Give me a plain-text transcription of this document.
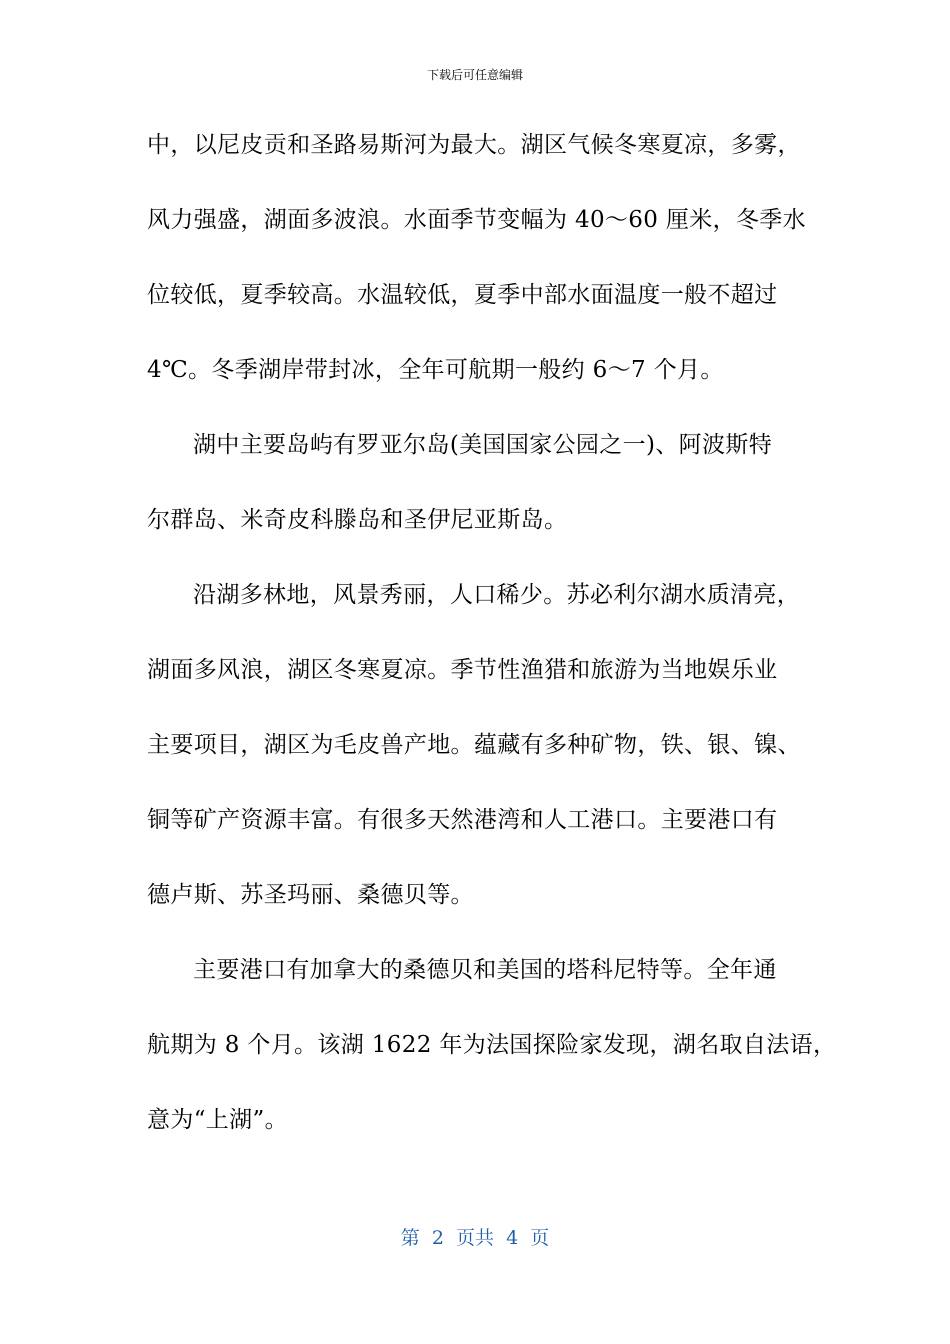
下载后可任意编辑
中，以尼皮贡和圣路易斯河为最大。湖区气候冬寒夏凉，多雾，
风力强盛，湖面多波浪。水面季节变幅为 40～60 厘米，冬季水
位较低，夏季较高。水温较低，夏季中部水面温度一般不超过
4℃。冬季湖岸带封冰，全年可航期一般约 6～7 个月。
湖中主要岛屿有罗亚尔岛(美国国家公园之一)、阿波斯特
尔群岛、米奇皮科滕岛和圣伊尼亚斯岛。
沿湖多林地，风景秀丽，人口稀少。苏必利尔湖水质清亮，
湖面多风浪，湖区冬寒夏凉。季节性渔猎和旅游为当地娱乐业
主要项目，湖区为毛皮兽产地。蕴藏有多种矿物，铁、银、镍、
铜等矿产资源丰富。有很多天然港湾和人工港口。主要港口有
德卢斯、苏圣玛丽、桑德贝等。
主要港口有加拿大的桑德贝和美国的塔科尼特等。全年通
航期为 8 个月。该湖 1622 年为法国探险家发现，湖名取自法语，
意为“上湖”。
第  2  页共  4  页
